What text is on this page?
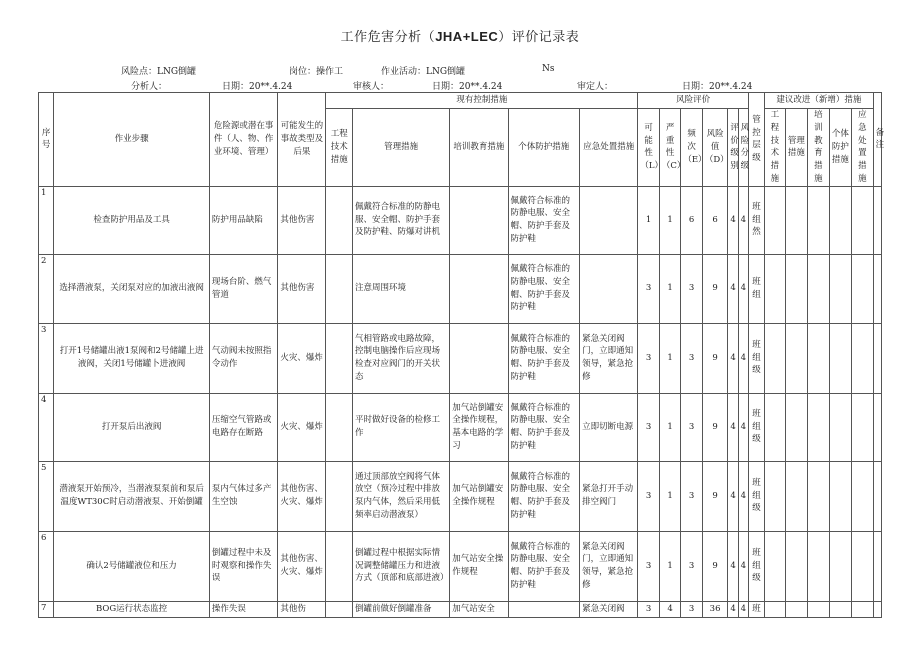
工作危害分析（JHA+LEC）评价记录表
风险点：LNG倒罐	岗位：操作工	作业活动：LNG倒罐	Ns
分析人：	日期：20**.4.24	审核人：	日期：20**.4.24	审定人：	日期：20**.4.24
序号	作业步骤	危险源或潜在事件（人、物、作业环境、管理）	可能发生的事故类型及后果	现有控制措施					风险评价						管控层级	建议改进（新增）措施					备注
				工程技术措施	管理措施	培训教育措施	个体防护措施	应急处置措施	可能性（L）	严重性（C）	频次（E）	风险值（D）	评价级别	风险分级		工程技术措施	管理措施	培训教育措施	个体防护措施	应急处置措施	
1	检查防护用品及工具	防护用品缺陷	其他伤害		佩戴符合标准的防静电服、安全帽、防护手套及防护鞋、防爆对讲机		佩戴符合标准的防静电服、安全帽、防护手套及防护鞋		1	1	6	6	4	4	班组然						
2	选择潜液泵，关闭泵对应的加液出液阀	现场台阶、燃气管道	其他伤害		注意周围环境		佩戴符合标准的防静电服、安全帽、防护手套及防护鞋		3	1	3	9	4	4	班组						
3	打开1号储罐出液1泵阀和2号储罐上进液阀，关闭1号储罐卜进液阀	气动阀未按照指令动作	火灾、爆炸		气相管路或电路故障，控制电脑操作后应现场检查对应阀门的开关状态		佩戴符合标准的防静电服、安全帽、防护手套及防护鞋	紧急关闭阀门，立即通知领导，紧急抢修	3	1	3	9	4	4	班组级						
4	打开泵后出液阀	压缩空气管路或电路存在断路	火灾、爆炸		平时做好设备的检修工作	加气站倒罐安全操作规程，基本电路的学习	佩戴符合标准的防静电服、安全帽、防护手套及防护鞋	立即切断电源	3	1	3	9	4	4	班组级						
5	潜液泵开始预冷，当潜液泵泵前和泵后温度WT30C时启动潜液泵、开始倒罐	泵内气体过多产生空蚀	其他伤害、火灾、爆炸		通过顶部放空阀将气体放空（预冷过程中排放泵内气体，然后采用低频率启动潜液泵）	加气站倒罐安全操作规程	佩戴符合标准的防静电服、安全帽、防护手套及防护鞋	紧急打开手动排空阀门	3	1	3	9	4	4	班组级						
6	确认2号储罐液位和压力	倒罐过程中未及时观察和操作失误	其他伤害、火灾、爆炸		倒罐过程中根据实际情况调整储罐压力和进液方式（顶部和底部进液）	加气站安全操作规程	佩戴符合标准的防静电服、安全帽、防护手套及防护鞋	紧急关闭阀门，立即通知领导，紧急抢修	3	1	3	9	4	4	班组级						
7	BOG运行状态监控	操作失误	其他伤		倒罐前做好倒罐准备	加气站安全		紧急关闭阀	3	4	3	36	4	4	班						
